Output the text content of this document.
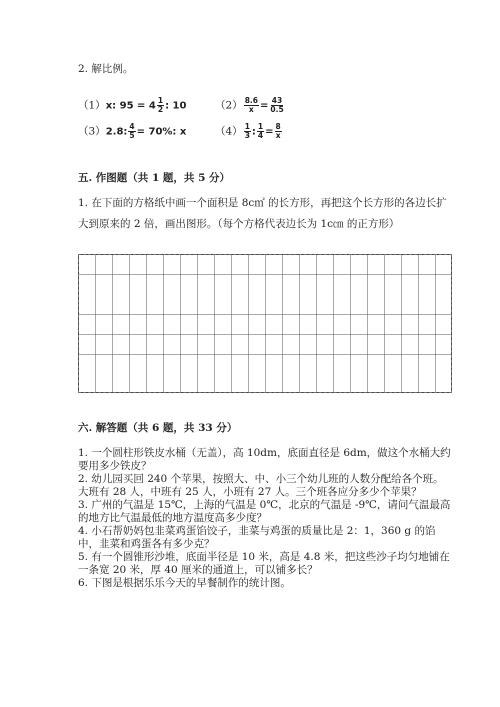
2. 解比例。
（1）x: $95 = 4 \frac{1}{2}$ : 10	$(2) \frac{8.6}{x} = \frac{43}{0.5}$
（3）2.8: $\frac{4}{5} = 70\%$: x	$(4) \frac{1}{3}$ : $\frac{1}{4} = \frac{8}{x}$
五. 作图题（共 1 题，共 5 分）
1. 在下面的方格纸中画一个面积是 8c㎡ 的长方形，再把这个长方形的各边长扩
大到原来的 2 倍，画出图形。（每个方格代表边长为 1c㎝ 的正方形）
六. 解答题（共 6 题，共 33 分）
1. 一个圆柱形铁皮水桶（无盖），高 10dm，底面直径是 6dm，做这个水桶大约
要用多少铁皮？
2. 幼儿园买回 240 个苹果，按照大、中、小三个幼儿班的人数分配给各个班。
大班有 28 人，中班有 25 人，小班有 27 人。三个班各应分多少个苹果？
3. 广州的气温是 15℃，上海的气温是 0℃，北京的气温是 -9℃，请问气温最高
的地方比气温最低的地方温度高多少度？
4. 小石帮奶妈包韭菜鸡蛋馅饺子，韭菜与鸡蛋的质量比是 2：1，360 g 的馅
中，韭菜和鸡蛋各有多少克？
5. 有一个圆锥形沙堆，底面半径是 10 米，高是 4.8 米，把这些沙子均匀地铺在
一条宽 20 米，厚 40 厘米的通道上，可以铺多长？
6. 下图是根据乐乐今天的早餐制作的统计图。
